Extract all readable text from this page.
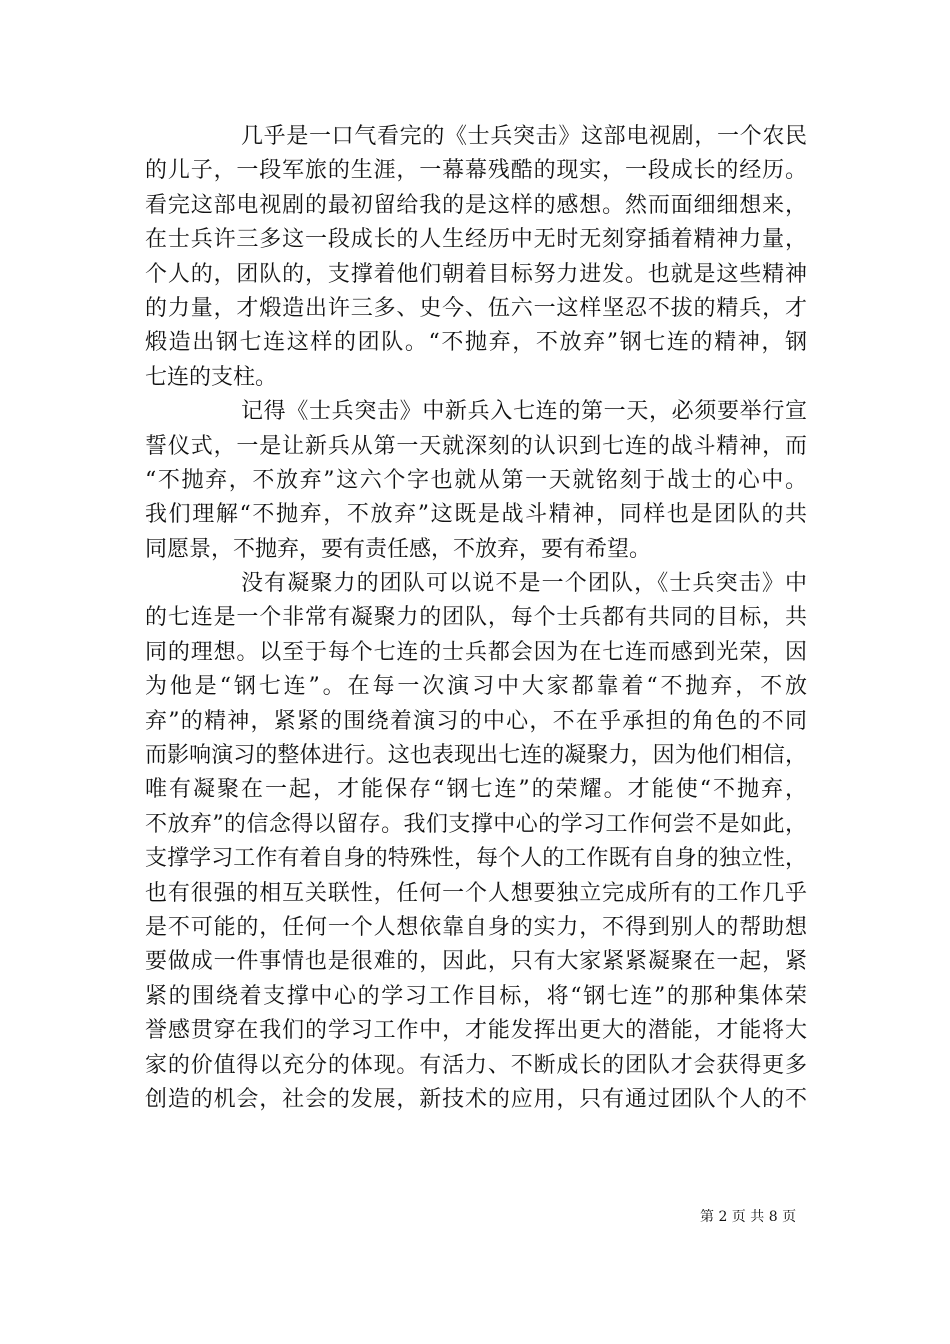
几乎是一口气看完的《士兵突击》这部电视剧，一个农民
的儿子，一段军旅的生涯，一幕幕残酷的现实，一段成长的经历。
看完这部电视剧的最初留给我的是这样的感想。然而面细细想来，
在士兵许三多这一段成长的人生经历中无时无刻穿插着精神力量，
个人的，团队的，支撑着他们朝着目标努力进发。也就是这些精神
的力量，才煅造出许三多、史今、伍六一这样坚忍不拔的精兵，才
煅造出钢七连这样的团队。“不抛弃，不放弃”钢七连的精神，钢
七连的支柱。
记得《士兵突击》中新兵入七连的第一天，必须要举行宣
誓仪式，一是让新兵从第一天就深刻的认识到七连的战斗精神，而
“不抛弃，不放弃”这六个字也就从第一天就铭刻于战士的心中。
我们理解“不抛弃，不放弃”这既是战斗精神，同样也是团队的共
同愿景，不抛弃，要有责任感，不放弃，要有希望。
没有凝聚力的团队可以说不是一个团队，《士兵突击》中
的七连是一个非常有凝聚力的团队，每个士兵都有共同的目标，共
同的理想。以至于每个七连的士兵都会因为在七连而感到光荣，因
为他是“钢七连”。在每一次演习中大家都靠着“不抛弃，不放
弃”的精神，紧紧的围绕着演习的中心，不在乎承担的角色的不同
而影响演习的整体进行。这也表现出七连的凝聚力，因为他们相信，
唯有凝聚在一起，才能保存“钢七连”的荣耀。才能使“不抛弃，
不放弃”的信念得以留存。我们支撑中心的学习工作何尝不是如此，
支撑学习工作有着自身的特殊性，每个人的工作既有自身的独立性，
也有很强的相互关联性，任何一个人想要独立完成所有的工作几乎
是不可能的，任何一个人想依靠自身的实力，不得到别人的帮助想
要做成一件事情也是很难的，因此，只有大家紧紧凝聚在一起，紧
紧的围绕着支撑中心的学习工作目标，将“钢七连”的那种集体荣
誉感贯穿在我们的学习工作中，才能发挥出更大的潜能，才能将大
家的价值得以充分的体现。有活力、不断成长的团队才会获得更多
创造的机会，社会的发展，新技术的应用，只有通过团队个人的不
第 2 页 共 8 页
